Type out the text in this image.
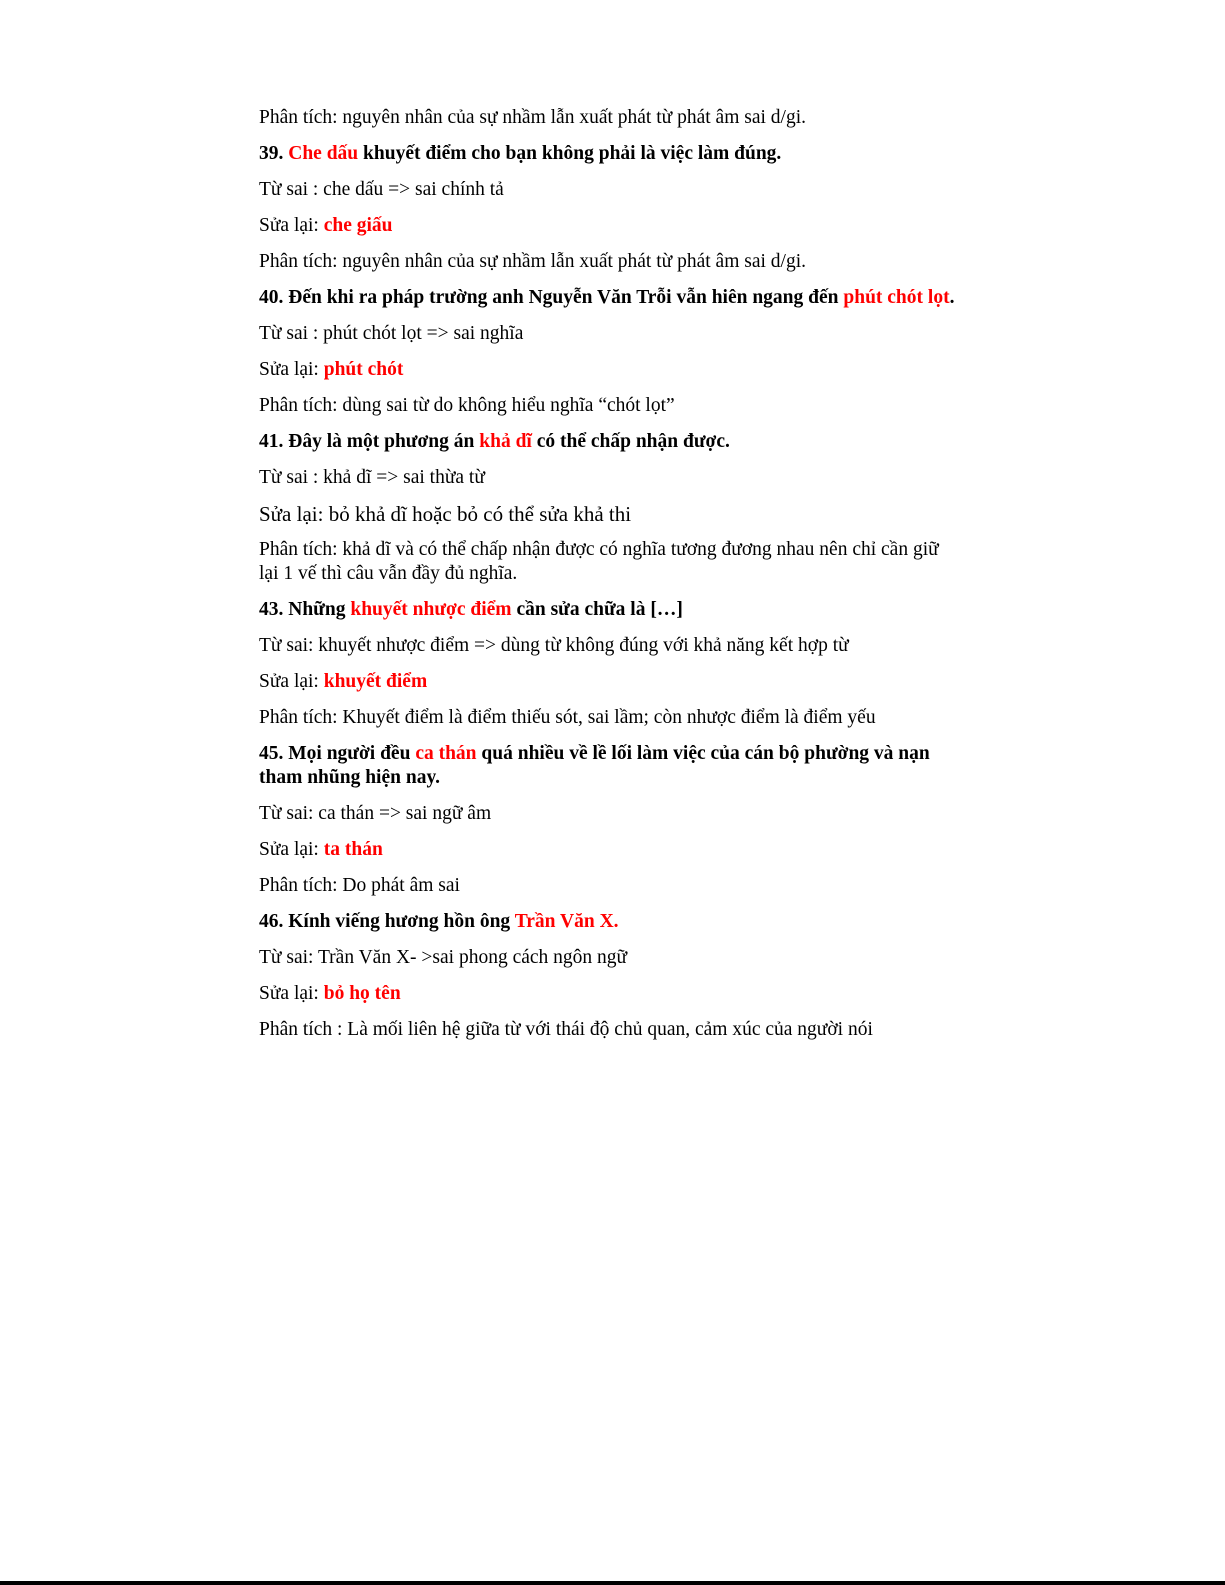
Phân tích: nguyên nhân của sự nhầm lẫn xuất phát từ phát âm sai d/gi.

39. Che dấu khuyết điểm cho bạn không phải là việc làm đúng.

Từ sai : che dấu => sai chính tả

Sửa lại: che giấu

Phân tích: nguyên nhân của sự nhầm lẫn xuất phát từ phát âm sai d/gi.

40. Đến khi ra pháp trường anh Nguyễn Văn Trỗi vẫn hiên ngang đến phút chót lọt.

Từ sai : phút chót lọt => sai nghĩa

Sửa lại: phút chót

Phân tích: dùng sai từ do không hiểu nghĩa “chót lọt”

41. Đây là một phương án khả dĩ có thể chấp nhận được.

Từ sai : khả dĩ => sai thừa từ

Sửa lại: bỏ khả dĩ hoặc bỏ có thể sửa khả thi

Phân tích: khả dĩ và có thể chấp nhận được có nghĩa tương đương nhau nên chỉ cần giữ lại 1 vế thì câu vẫn đầy đủ nghĩa.

43. Những khuyết nhược điểm cần sửa chữa là […]

Từ sai: khuyết nhược điểm => dùng từ không đúng với khả năng kết hợp từ

Sửa lại: khuyết điểm

Phân tích: Khuyết điểm là điểm thiếu sót, sai lầm; còn nhược điểm là điểm yếu

45. Mọi người đều ca thán quá nhiều về lề lối làm việc của cán bộ phường và nạn tham nhũng hiện nay.

Từ sai: ca thán => sai ngữ âm

Sửa lại: ta thán

Phân tích: Do phát âm sai

46. Kính viếng hương hồn ông Trần Văn X.

Từ sai: Trần Văn X- >sai phong cách ngôn ngữ

Sửa lại: bỏ họ tên

Phân tích : Là mối liên hệ giữa từ với thái độ chủ quan, cảm xúc của người nói
